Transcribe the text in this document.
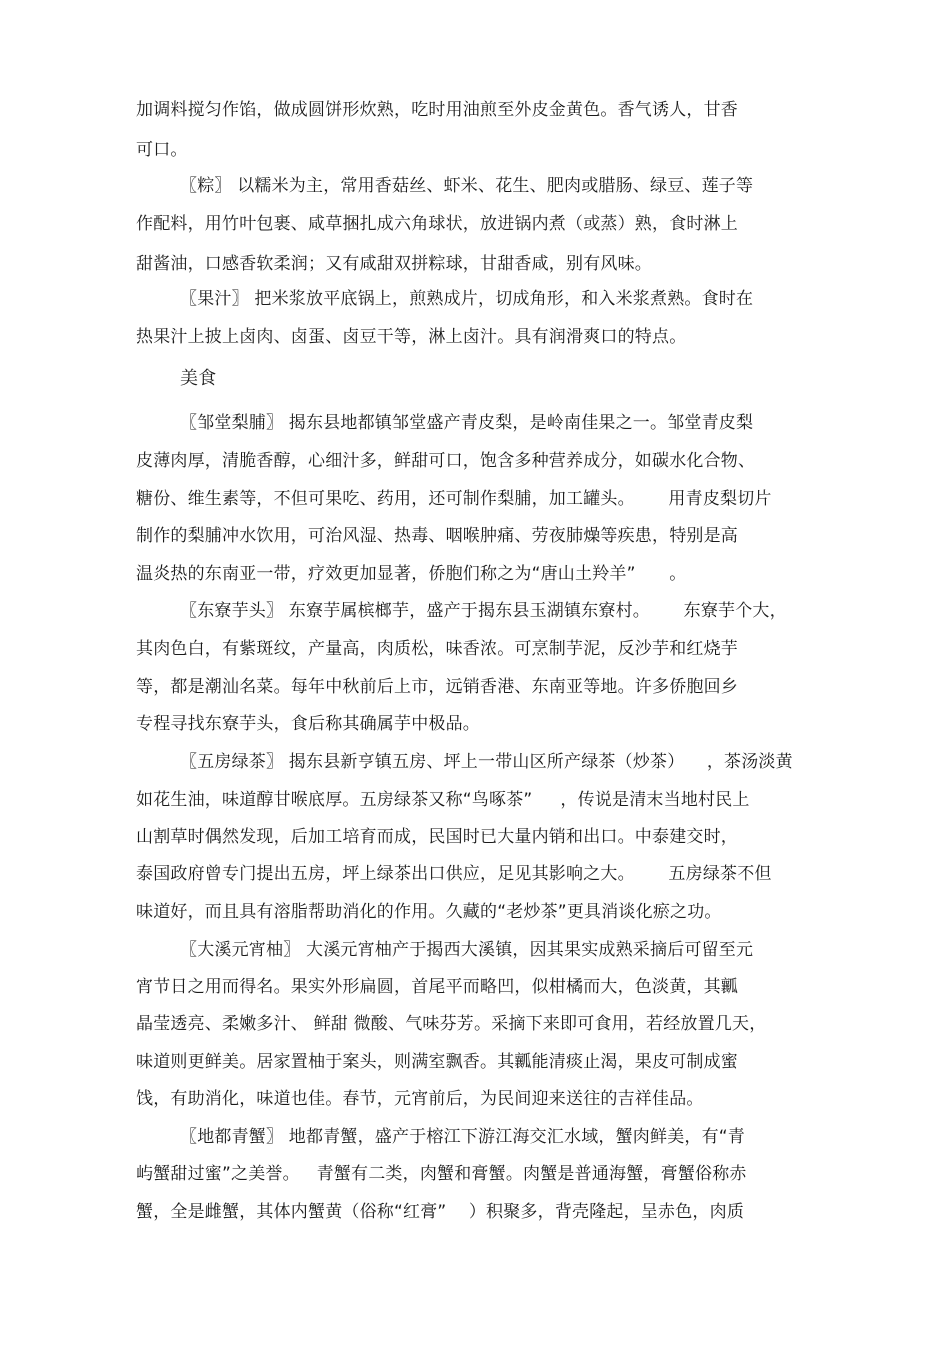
加调料搅匀作馅，做成圆饼形炊熟，吃时用油煎至外皮金黄色。香气诱人，甘香
可口。
〖粽〗 以糯米为主，常用香菇丝、虾米、花生、肥肉或腊肠、绿豆、莲子等
作配料，用竹叶包裹、咸草捆扎成六角球状，放进锅内煮（或蒸）熟，食时淋上
甜酱油，口感香软柔润；又有咸甜双拼粽球，甘甜香咸，别有风味。
〖果汁〗 把米浆放平底锅上，煎熟成片，切成角形，和入米浆煮熟。食时在
热果汁上披上卤肉、卤蛋、卤豆干等，淋上卤汁。具有润滑爽口的特点。
美食
〖邹堂梨脯〗 揭东县地都镇邹堂盛产青皮梨，是岭南佳果之一。邹堂青皮梨
皮薄肉厚，清脆香醇，心细汁多，鲜甜可口，饱含多种营养成分，如碳水化合物、
糖份、维生素等，不但可果吃、药用，还可制作梨脯，加工罐头。      用青皮梨切片
制作的梨脯冲水饮用，可治风湿、热毒、咽喉肿痛、劳夜肺燥等疾患，特别是高
温炎热的东南亚一带，疗效更加显著，侨胞们称之为“唐山土羚羊”      。
〖东寮芋头〗 东寮芋属槟榔芋，盛产于揭东县玉湖镇东寮村。      东寮芋个大，
其肉色白，有紫斑纹，产量高，肉质松，味香浓。可烹制芋泥，反沙芋和红烧芋
等，都是潮汕名菜。每年中秋前后上市，远销香港、东南亚等地。许多侨胞回乡
专程寻找东寮芋头，食后称其确属芋中极品。
〖五房绿茶〗 揭东县新亨镇五房、坪上一带山区所产绿茶（炒茶）    ，茶汤淡黄
如花生油，味道醇甘喉底厚。五房绿茶又称“鸟啄茶”     ，传说是清末当地村民上
山割草时偶然发现，后加工培育而成，民国时已大量内销和出口。中泰建交时，
泰国政府曾专门提出五房，坪上绿茶出口供应，足见其影响之大。      五房绿茶不但
味道好，而且具有溶脂帮助消化的作用。久藏的“老炒茶”更具消谈化瘀之功。
〖大溪元宵柚〗 大溪元宵柚产于揭西大溪镇，因其果实成熟采摘后可留至元
宵节日之用而得名。果实外形扁圆，首尾平而略凹，似柑橘而大，色淡黄，其瓤
晶莹透亮、柔嫩多汁、 鲜甜 微酸、气味芬芳。采摘下来即可食用，若经放置几天，
味道则更鲜美。居家置柚于案头，则满室飘香。其瓤能清痰止渴，果皮可制成蜜
饯，有助消化，味道也佳。春节，元宵前后，为民间迎来送往的吉祥佳品。
〖地都青蟹〗 地都青蟹，盛产于榕江下游江海交汇水域，蟹肉鲜美，有“青
屿蟹甜过蜜”之美誉。   青蟹有二类，肉蟹和膏蟹。肉蟹是普通海蟹，膏蟹俗称赤
蟹，全是雌蟹，其体内蟹黄（俗称“红膏”    ）积聚多，背壳隆起，呈赤色，肉质
